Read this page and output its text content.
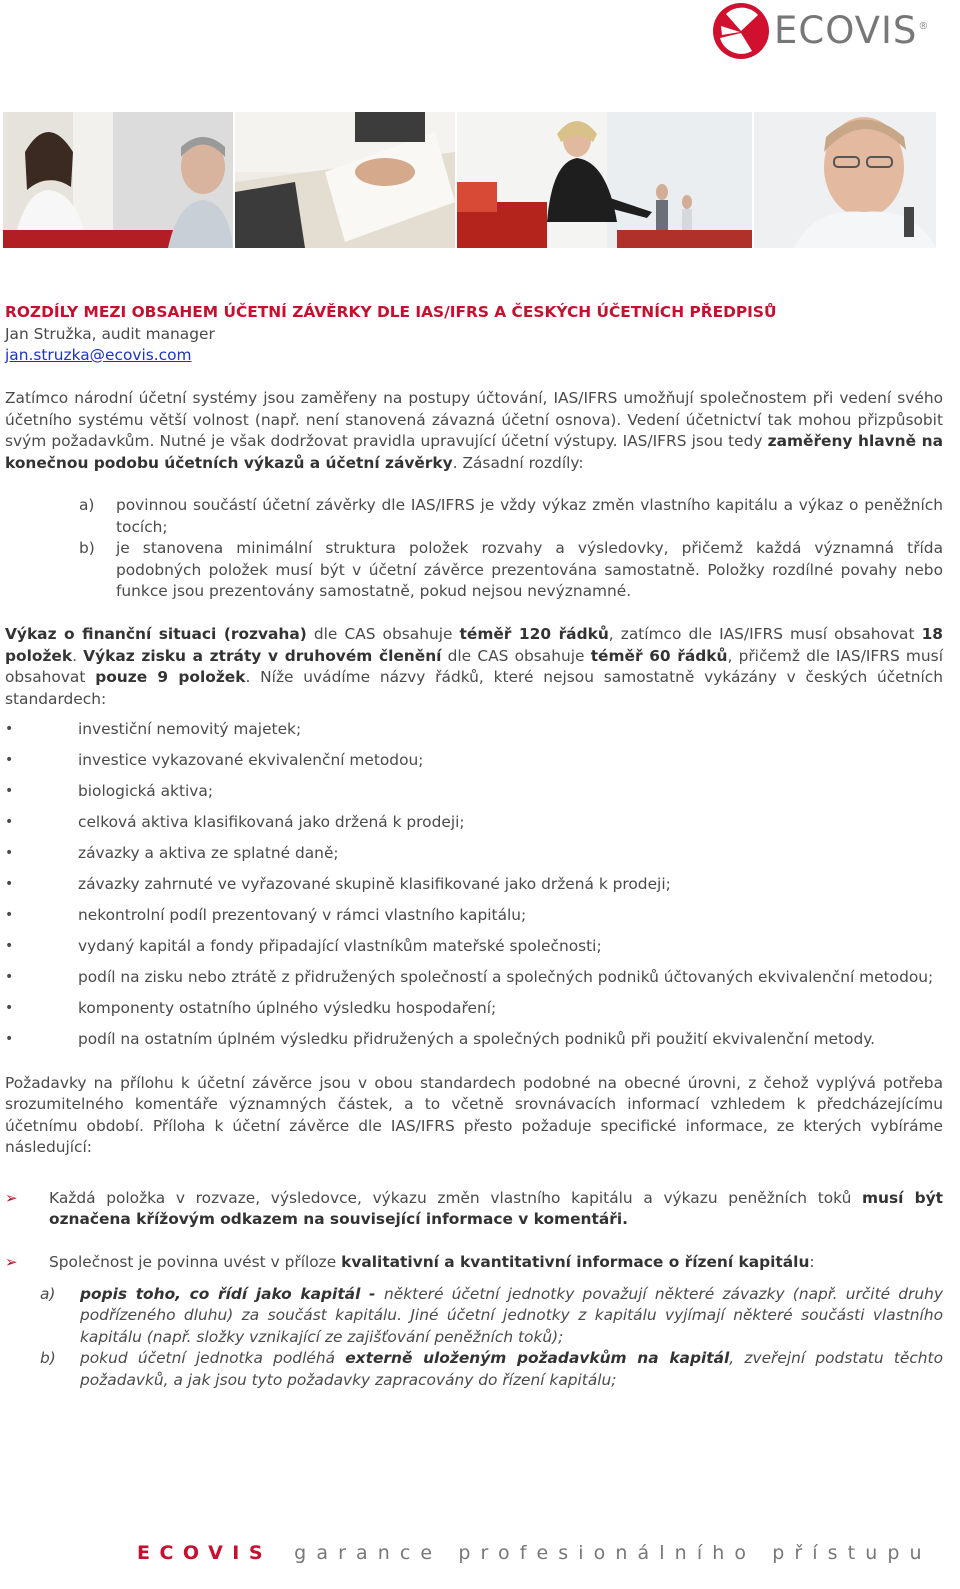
ECOVIS ®
ROZDÍLY MEZI OBSAHEM ÚČETNÍ ZÁVĚRKY DLE IAS/IFRS A ČESKÝCH ÚČETNÍCH PŘEDPISŮ
Jan Stružka, audit manager
jan.struzka@ecovis.com

Zatímco národní účetní systémy jsou zaměřeny na postupy účtování, IAS/IFRS umožňují společnostem při vedení svého účetního systému větší volnost (např. není stanovená závazná účetní osnova). Vedení účetnictví tak mohou přizpůsobit svým požadavkům. Nutné je však dodržovat pravidla upravující účetní výstupy. IAS/IFRS jsou tedy zaměřeny hlavně na konečnou podobu účetních výkazů a účetní závěrky. Zásadní rozdíly:

a)	povinnou součástí účetní závěrky dle IAS/IFRS je vždy výkaz změn vlastního kapitálu a výkaz o peněžních tocích;
b)	je stanovena minimální struktura položek rozvahy a výsledovky, přičemž každá významná třída podobných položek musí být v účetní závěrce prezentována samostatně. Položky rozdílné povahy nebo funkce jsou prezentovány samostatně, pokud nejsou nevýznamné.

Výkaz o finanční situaci (rozvaha) dle CAS obsahuje téměř 120 řádků, zatímco dle IAS/IFRS musí obsahovat 18 položek. Výkaz zisku a ztráty v druhovém členění dle CAS obsahuje téměř 60 řádků, přičemž dle IAS/IFRS musí obsahovat pouze 9 položek. Níže uvádíme názvy řádků, které nejsou samostatně vykázány v českých účetních standardech:

•	investiční nemovitý majetek;
•	investice vykazované ekvivalenční metodou;
•	biologická aktiva;
•	celková aktiva klasifikovaná jako držená k prodeji;
•	závazky a aktiva ze splatné daně;
•	závazky zahrnuté ve vyřazované skupině klasifikované jako držená k prodeji;
•	nekontrolní podíl prezentovaný v rámci vlastního kapitálu;
•	vydaný kapitál a fondy připadající vlastníkům mateřské společnosti;
•	podíl na zisku nebo ztrátě z přidružených společností a společných podniků účtovaných ekvivalenční metodou;
•	komponenty ostatního úplného výsledku hospodaření;
•	podíl na ostatním úplném výsledku přidružených a společných podniků při použití ekvivalenční metody.

Požadavky na přílohu k účetní závěrce jsou v obou standardech podobné na obecné úrovni, z čehož vyplývá potřeba srozumitelného komentáře významných částek, a to včetně srovnávacích informací vzhledem k předcházejícímu účetnímu období. Příloha k účetní závěrce dle IAS/IFRS přesto požaduje specifické informace, ze kterých vybíráme následující:

➢	Každá položka v rozvaze, výsledovce, výkazu změn vlastního kapitálu a výkazu peněžních toků musí být označena křížovým odkazem na související informace v komentáři.
➢	Společnost je povinna uvést v příloze kvalitativní a kvantitativní informace o řízení kapitálu:
a)	popis toho, co řídí jako kapitál - některé účetní jednotky považují některé závazky (např. určité druhy podřízeného dluhu) za součást kapitálu. Jiné účetní jednotky z kapitálu vyjímají některé součásti vlastního kapitálu (např. složky vznikající ze zajišťování peněžních toků);
b)	pokud účetní jednotka podléhá externě uloženým požadavkům na kapitál, zveřejní podstatu těchto požadavků, a jak jsou tyto požadavky zapracovány do řízení kapitálu;
ECOVIS garance profesionálního přístupu
